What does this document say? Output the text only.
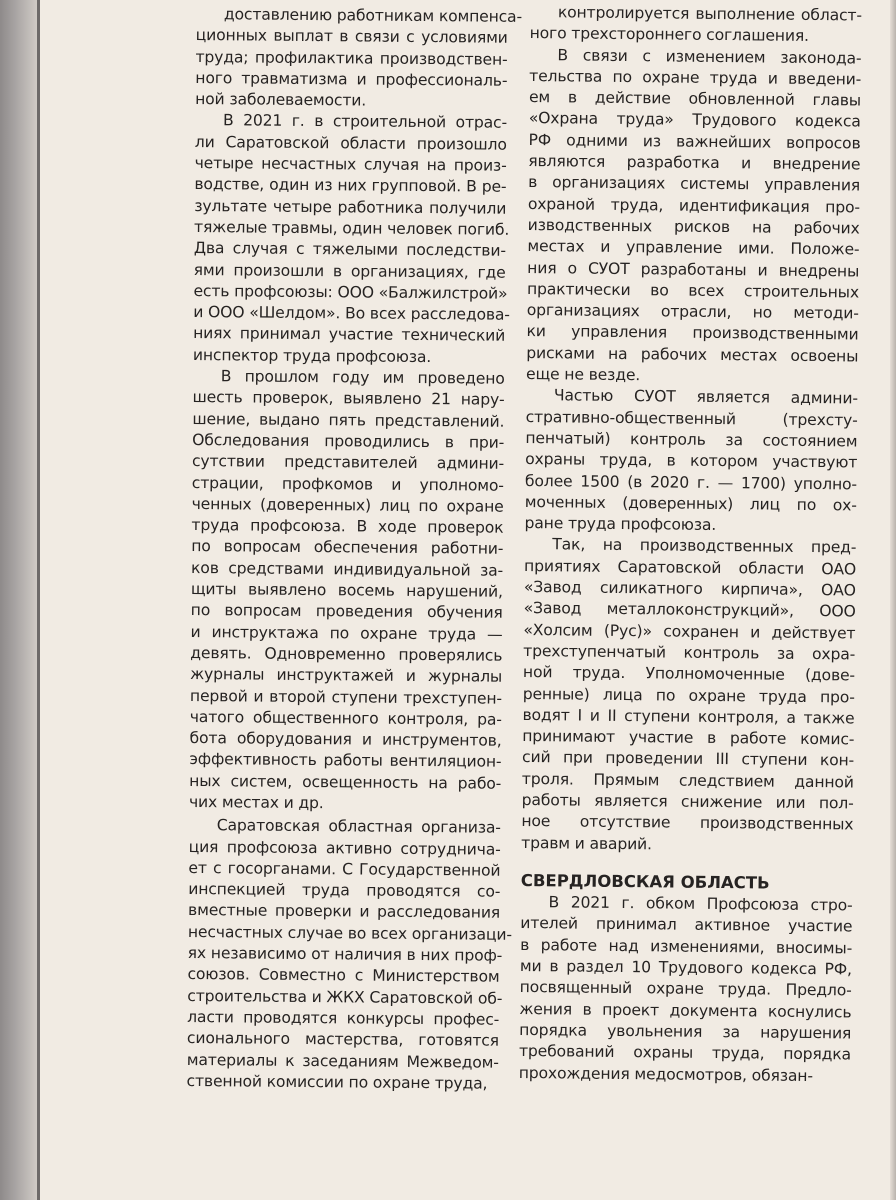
доставлению работникам компенса-
ционных выплат в связи с условиями
труда; профилактика производствен-
ного травматизма и профессиональ-
ной заболеваемости.
В 2021 г. в строительной отрас-
ли Саратовской области произошло
четыре несчастных случая на произ-
водстве, один из них групповой. В ре-
зультате четыре работника получили
тяжелые травмы, один человек погиб.
Два случая с тяжелыми последстви-
ями произошли в организациях, где
есть профсоюзы: ООО «Балжилстрой»
и ООО «Шелдом». Во всех расследова-
ниях принимал участие технический
инспектор труда профсоюза.
В прошлом году им проведено
шесть проверок, выявлено 21 нару-
шение, выдано пять представлений.
Обследования проводились в при-
сутствии представителей админи-
страции, профкомов и уполномо-
ченных (доверенных) лиц по охране
труда профсоюза. В ходе проверок
по вопросам обеспечения работни-
ков средствами индивидуальной за-
щиты выявлено восемь нарушений,
по вопросам проведения обучения
и инструктажа по охране труда —
девять. Одновременно проверялись
журналы инструктажей и журналы
первой и второй ступени трехступен-
чатого общественного контроля, ра-
бота оборудования и инструментов,
эффективность работы вентиляцион-
ных систем, освещенность на рабо-
чих местах и др.
Саратовская областная организа-
ция профсоюза активно сотруднича-
ет с госорганами. С Государственной
инспекцией труда проводятся со-
вместные проверки и расследования
несчастных случае во всех организаци-
ях независимо от наличия в них проф-
союзов. Совместно с Министерством
строительства и ЖКХ Саратовской об-
ласти проводятся конкурсы профес-
сионального мастерства, готовятся
материалы к заседаниям Межведом-
ственной комиссии по охране труда,
контролируется выполнение област-
ного трехстороннего соглашения.
В связи с изменением законода-
тельства по охране труда и введени-
ем в действие обновленной главы
«Охрана труда» Трудового кодекса
РФ одними из важнейших вопросов
являются разработка и внедрение
в организациях системы управления
охраной труда, идентификация про-
изводственных рисков на рабочих
местах и управление ими. Положе-
ния о СУОТ разработаны и внедрены
практически во всех строительных
организациях отрасли, но методи-
ки управления производственными
рисками на рабочих местах освоены
еще не везде.
Частью СУОТ является админи-
стративно-общественный (трехсту-
пенчатый) контроль за состоянием
охраны труда, в котором участвуют
более 1500 (в 2020 г. — 1700) уполно-
моченных (доверенных) лиц по ох-
ране труда профсоюза.
Так, на производственных пред-
приятиях Саратовской области ОАО
«Завод силикатного кирпича», ОАО
«Завод металлоконструкций», ООО
«Холсим (Рус)» сохранен и действует
трехступенчатый контроль за охра-
ной труда. Уполномоченные (дове-
ренные) лица по охране труда про-
водят I и II ступени контроля, а также
принимают участие в работе комис-
сий при проведении III ступени кон-
троля. Прямым следствием данной
работы является снижение или пол-
ное отсутствие производственных
травм и аварий.
СВЕРДЛОВСКАЯ ОБЛАСТЬ
В 2021 г. обком Профсоюза стро-
ителей принимал активное участие
в работе над изменениями, вносимы-
ми в раздел 10 Трудового кодекса РФ,
посвященный охране труда. Предло-
жения в проект документа коснулись
порядка увольнения за нарушения
требований охраны труда, порядка
прохождения медосмотров, обязан-
